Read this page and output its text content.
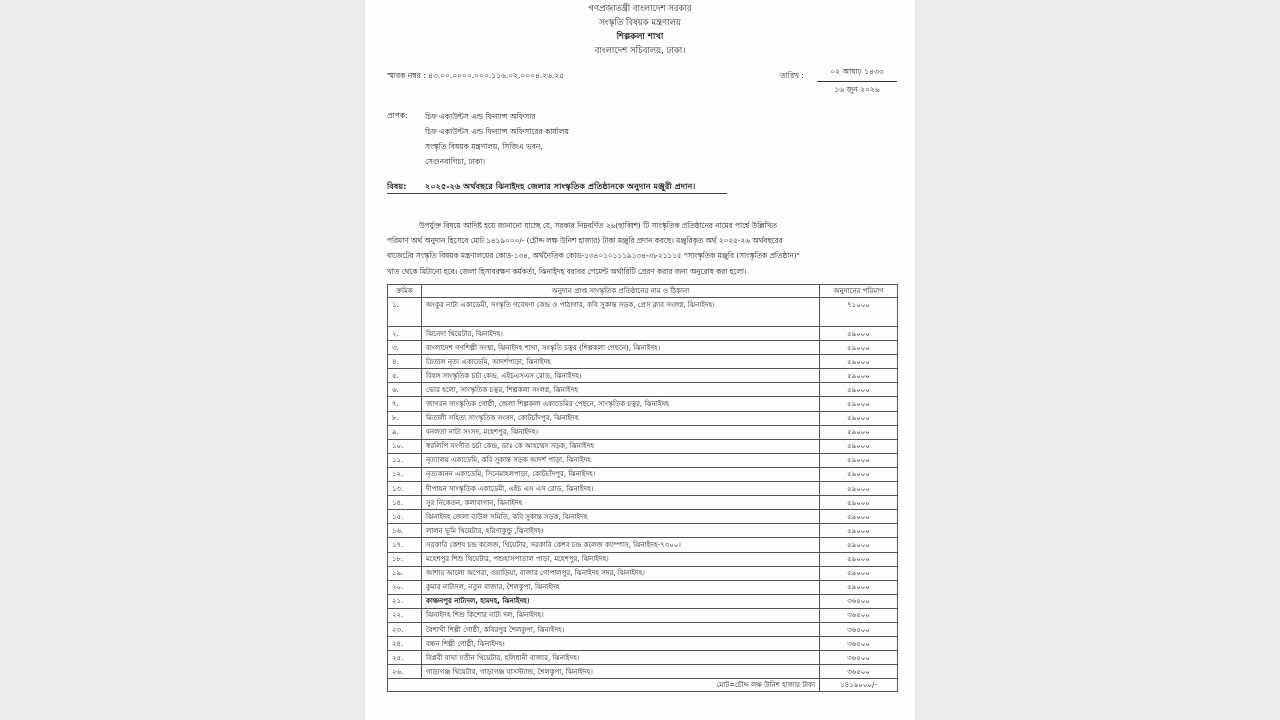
গণপ্রজাতন্ত্রী বাংলাদেশ সরকার
সংস্কৃতি বিষয়ক মন্ত্রণালয়
শিল্পকলা শাখা
বাংলাদেশ সচিবালয়, ঢাকা।
স্মারক নম্বর : ৪৩.০০.০০০০.০০০.১১৬.০২.০০০৪.২৬.২৫	তারিখ :	০২ আষাঢ় ১৪৩৩
১৬ জুন ২০২৬
প্রাপক: চিফ একাউন্টস এন্ড ফিন্যান্স অফিসার
চিফ একাউন্টস এন্ড ফিন্যান্স অফিসারের কার্যালয়
সংস্কৃতি বিষয়ক মন্ত্রণালয়, সিজিএ ভবন,
সেগুনবাগিচা, ঢাকা।
বিষয়: ২০২৫-২৬ অর্থবছরে ঝিনাইদহ জেলার সাংস্কৃতিক প্রতিষ্ঠানকে অনুদান মঞ্জুরী প্রদান।
উপর্যুক্ত বিষয়ে আদিষ্ট হয়ে জানানো যাচ্ছে যে, সরকার নিম্নবর্ণিত ২৬(ছাব্বিশ) টি সাংস্কৃতিক প্রতিষ্ঠানের নামের পার্শ্বে উল্লিখিত
পরিমাণ অর্থ অনুদান হিসেবে মোট ১৪১৯০০০/- (চৌদ্দ লক্ষ উনিশ হাজার) টাকা মঞ্জুরি প্রদান করছে। মঞ্জুরিকৃত অর্থ ২০২৫-২৬ অর্থবছরের
বাজেটের সংস্কৃতি বিষয়ক মন্ত্রণালয়ের কোড-১৩৪, অর্থনৈতিক কোড-১৩৪০১০১১১৯১৩৪-৩৮২১১১৫ "সাংস্কৃতিক মঞ্জুরি (সাংস্কৃতিক প্রতিষ্ঠান)"
খাত থেকে মিটানো হবে। জেলা হিসাবরক্ষণ কর্মকর্তা, ঝিনাইদহ বরাবর পেমেন্ট অর্থারিটি প্রেরণ করার জন্য অনুরোধ করা হলো।
ক্রমিক	অনুদান প্রাপ্ত সাংস্কৃতিক প্রতিষ্ঠানের নাম ও ঠিকানা	অনুদানের পরিমাণ
১.	অংকুর নাট্য একাডেমী, সংস্কৃতি গবেষণা কেন্দ্র ও পাঠাগার, কবি সুকান্ত সড়ক, প্রেস ক্লাব সংলগ্ন, ঝিনাইদহ।	৭১০০০
২.	ঝিনেদা থিয়েটার, ঝিনাইদহ।	৫৯০০০
৩.	বাংলাদেশ গণশিল্পী সংস্থা, ঝিনাইদহ শাখা, সংস্কৃতি চত্বর (শিল্পকলা পেছনে), ঝিনাইদহ।	৫৯০০০
৪.	ত্রিতাল নৃত্য একাডেমি, আদর্শপাড়া, ঝিনাইদহ	৫৯০০০
৫.	বিহঙ্গ সাংস্কৃতিক চর্চা কেন্দ্র, এইচএসএস রোড, ঝিনাইদহ।	৫৯০০০
৬.	ভোর হলো, সাংস্কৃতিক চত্বর, শিল্পকলা সংলগ্ন, ঝিনাইদহ	৫৯০০০
৭.	জাগরন সাংস্কৃতিক গোষ্ঠী, জেলা শিল্পকলা একাডেমির পেছনে, সাংস্কৃতিক চত্বর, ঝিনাইদহ	৫৯০০০
৮.	মিতালী সহিত্য সাংস্কৃতিক সংসদ, কোটচাঁদপুর, ঝিনাইদহ	৫৯০০০
৯.	বনলতা নাট্য সংসদ, মহেশপুর, ঝিনাইদহ।	৫৯০০০
১০.	স্বরলিপি সংগীত চর্চা কেন্দ্র, ডাঃ কে আহম্মেদ সড়ক, ঝিনাইদহ	৫৯০০০
১১.	নৃত্যালয় একাডেমি, কবি সুকান্ত সড়ক আদর্শ পাড়া, ঝিনাইদহ	৫৯০০০
১২.	নৃত্যকানন একাডেমি, সিনেমাহলপাড়া, কোটচাঁদপুর, ঝিনাইদহ।	৫৯০০০
১৩.	দীপায়ন সাংস্কৃতিক একাডেমী, এইচ এস এস রোড, ঝিনাইদহ।	৫৯০০০
১৪.	সুর নিকেতন, কলাবাগান, ঝিনাইদহ	৫৯০০০
১৫.	ঝিনাইদহ জেলা বাউল সমিতি, কবি সুকান্ত সড়ক, ঝিনাইদহ	৫৯০০০
১৬.	লালন ভূমি থিয়েটার, হরিণাকুন্ডু ,ঝিনাইদহ।	৫৯০০০
১৭.	সরকারি কেশব চন্দ্র কলেজ, থিয়েটার, সরকারি কেশব চন্দ্র কলেজ ক্যাম্পাস, ঝিনাইদহ-৭৩০০।	৫৯০০০
১৮.	মহেশপুর শিশু থিয়েটার, পশুহাসপাতাল পাড়া, মহেশপুর, ঝিনাইদহ।	৫৯০০০
১৯.	আশার আলো অপেরা, ওয়াড়িয়া, বাজার গোপালপুর, ঝিনাইদহ সদর, ঝিনাইদহ।	৫৯০০০
২০.	কুমার নাট্যদল, নতুন বাজার, শৈলকুপা, ঝিনাইদহ	৫৯০০০
২১.	কাঞ্চনপুর নাট্যদল, হামদহ, ঝিনাইদহ।	৩৬৫০০
২২.	ঝিনাইদহ শিশু কিশোর নাট্য দল, ঝিনাইদহ।	৩৬৫০০
২৩.	বৈশাখী শিল্পী গোষ্ঠী, কবিরপুর শৈলকুপা, ঝিনাইদহ।	৩৬৫০০
২৪.	বন্ধন শিল্পী গোষ্ঠী, ঝিনাইদহ।	৩৬৫০০
২৫.	বিপ্লবী বাঘা যতীন থিয়েটার, হলিধানী বাজার, ঝিনাইদহ।	৩৬৫০০
২৬.	গাড়াগঞ্জ থিয়েটার, গাড়াগঞ্জ বাসস্ট্যান্ড, শৈলকুপা, ঝিনাইদহ।	৩৬৫০০
মোট=চৌদ্দ লক্ষ উনিশ হাজার টাকা		১৪১৯০০০/-
